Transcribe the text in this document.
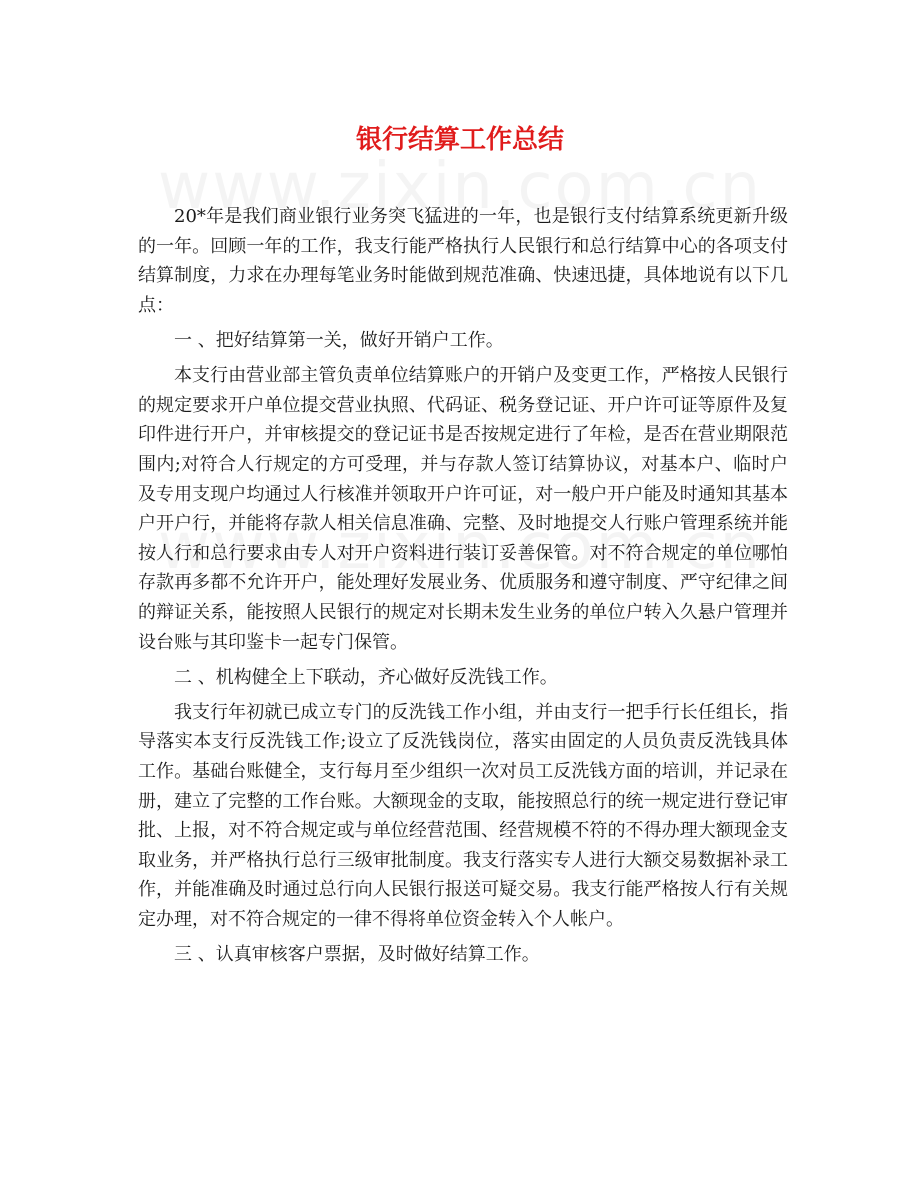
银行结算工作总结

20*年是我们商业银行业务突飞猛进的一年，也是银行支付结算系统更新升级的一年。回顾一年的工作，我支行能严格执行人民银行和总行结算中心的各项支付结算制度，力求在办理每笔业务时能做到规范准确、快速迅捷，具体地说有以下几点：

一 、把好结算第一关，做好开销户工作。

本支行由营业部主管负责单位结算账户的开销户及变更工作，严格按人民银行的规定要求开户单位提交营业执照、代码证、税务登记证、开户许可证等原件及复印件进行开户，并审核提交的登记证书是否按规定进行了年检，是否在营业期限范围内;对符合人行规定的方可受理，并与存款人签订结算协议，对基本户、临时户及专用支现户均通过人行核准并领取开户许可证，对一般户开户能及时通知其基本户开户行，并能将存款人相关信息准确、完整、及时地提交人行账户管理系统并能按人行和总行要求由专人对开户资料进行装订妥善保管。对不符合规定的单位哪怕存款再多都不允许开户，能处理好发展业务、优质服务和遵守制度、严守纪律之间的辩证关系，能按照人民银行的规定对长期未发生业务的单位户转入久悬户管理并设台账与其印鉴卡一起专门保管。

二 、机构健全上下联动，齐心做好反洗钱工作。

我支行年初就已成立专门的反洗钱工作小组，并由支行一把手行长任组长，指导落实本支行反洗钱工作;设立了反洗钱岗位，落实由固定的人员负责反洗钱具体工作。基础台账健全，支行每月至少组织一次对员工反洗钱方面的培训，并记录在册，建立了完整的工作台账。大额现金的支取，能按照总行的统一规定进行登记审批、上报，对不符合规定或与单位经营范围、经营规模不符的不得办理大额现金支取业务，并严格执行总行三级审批制度。我支行落实专人进行大额交易数据补录工作，并能准确及时通过总行向人民银行报送可疑交易。我支行能严格按人行有关规定办理，对不符合规定的一律不得将单位资金转入个人帐户。

三 、认真审核客户票据，及时做好结算工作。
